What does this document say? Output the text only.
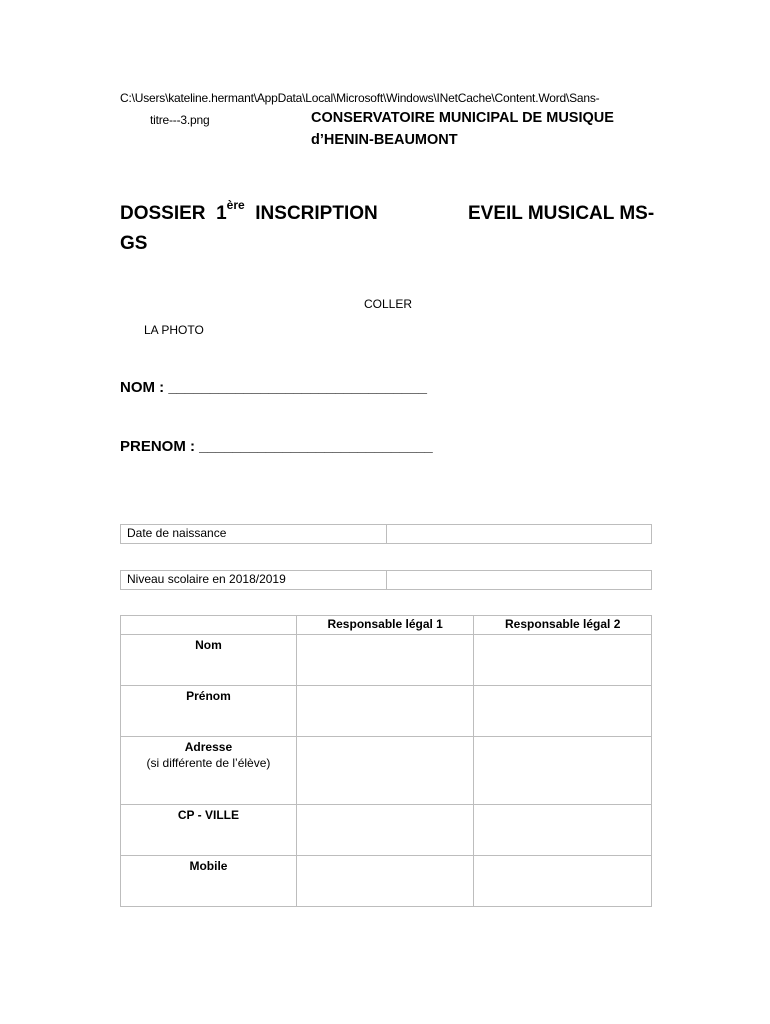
C:\Users\kateline.hermant\AppData\Local\Microsoft\Windows\INetCache\Content.Word\Sans-
titre---3.png	CONSERVATOIRE MUNICIPAL DE MUSIQUE
d’HENIN-BEAUMONT
DOSSIER 1ère INSCRIPTION	EVEIL MUSICAL MS-
GS
COLLER
LA PHOTO
NOM : _______________________________
PRENOM : ____________________________
Date de naissance	
Niveau scolaire en 2018/2019	
	Responsable légal 1	Responsable légal 2
Nom		
Prénom		
Adresse
(si différente de l’élève)		

CP - VILLE		
Mobile		
